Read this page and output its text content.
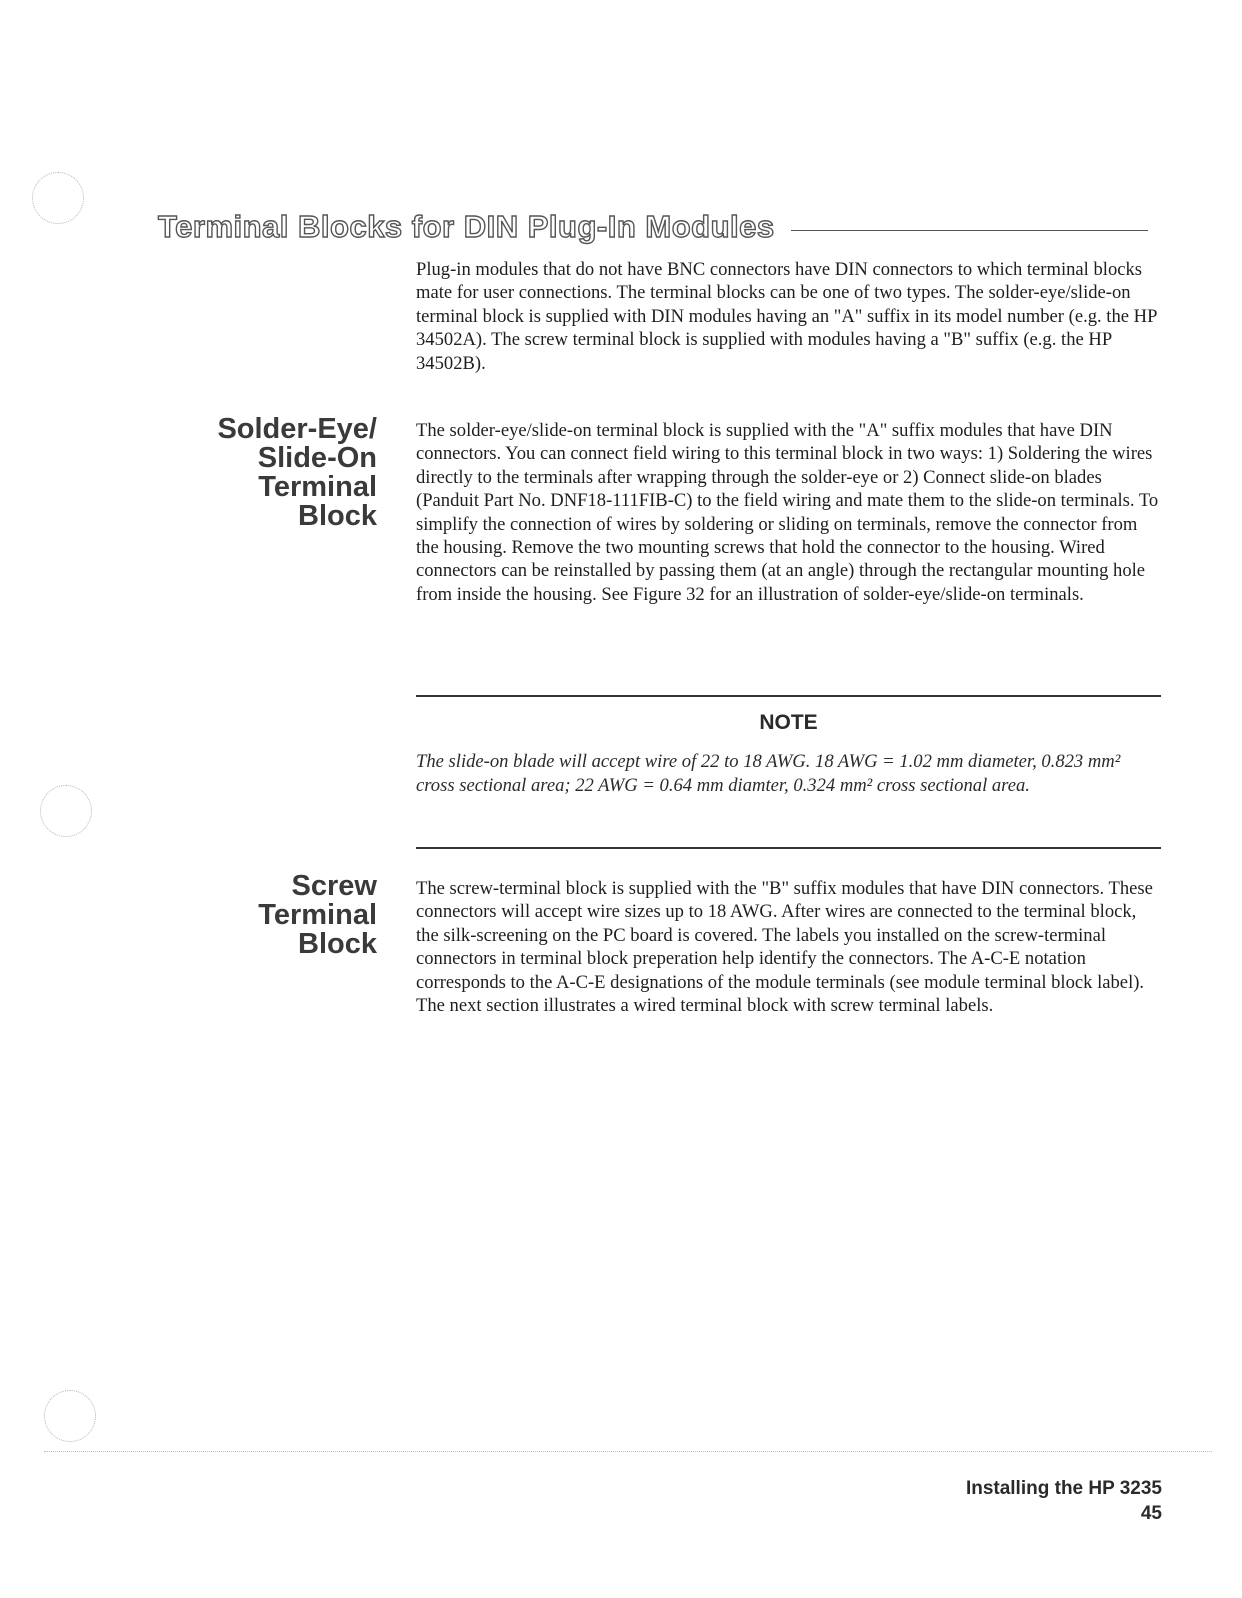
Terminal Blocks for DIN Plug-In Modules
Plug-in modules that do not have BNC connectors have DIN connectors to which terminal blocks mate for user connections. The terminal blocks can be one of two types. The solder-eye/slide-on terminal block is supplied with DIN modules having an "A" suffix in its model number (e.g. the HP 34502A). The screw terminal block is supplied with modules having a "B" suffix (e.g. the HP 34502B).
Solder-Eye/
Slide-On
Terminal
Block
The solder-eye/slide-on terminal block is supplied with the "A" suffix modules that have DIN connectors. You can connect field wiring to this terminal block in two ways: 1) Soldering the wires directly to the terminals after wrapping through the solder-eye or 2) Connect slide-on blades (Panduit Part No. DNF18-111FIB-C) to the field wiring and mate them to the slide-on terminals. To simplify the connection of wires by soldering or sliding on terminals, remove the connector from the housing. Remove the two mounting screws that hold the connector to the housing. Wired connectors can be reinstalled by passing them (at an angle) through the rectangular mounting hole from inside the housing. See Figure 32 for an illustration of solder-eye/slide-on terminals.
NOTE
The slide-on blade will accept wire of 22 to 18 AWG. 18 AWG = 1.02 mm diameter, 0.823 mm² cross sectional area; 22 AWG = 0.64 mm diamter, 0.324 mm² cross sectional area.
Screw
Terminal
Block
The screw-terminal block is supplied with the "B" suffix modules that have DIN connectors. These connectors will accept wire sizes up to 18 AWG. After wires are connected to the terminal block, the silk-screening on the PC board is covered. The labels you installed on the screw-terminal connectors in terminal block preperation help identify the connectors. The A-C-E notation corresponds to the A-C-E designations of the module terminals (see module terminal block label). The next section illustrates a wired terminal block with screw terminal labels.
Installing the HP 3235
45
